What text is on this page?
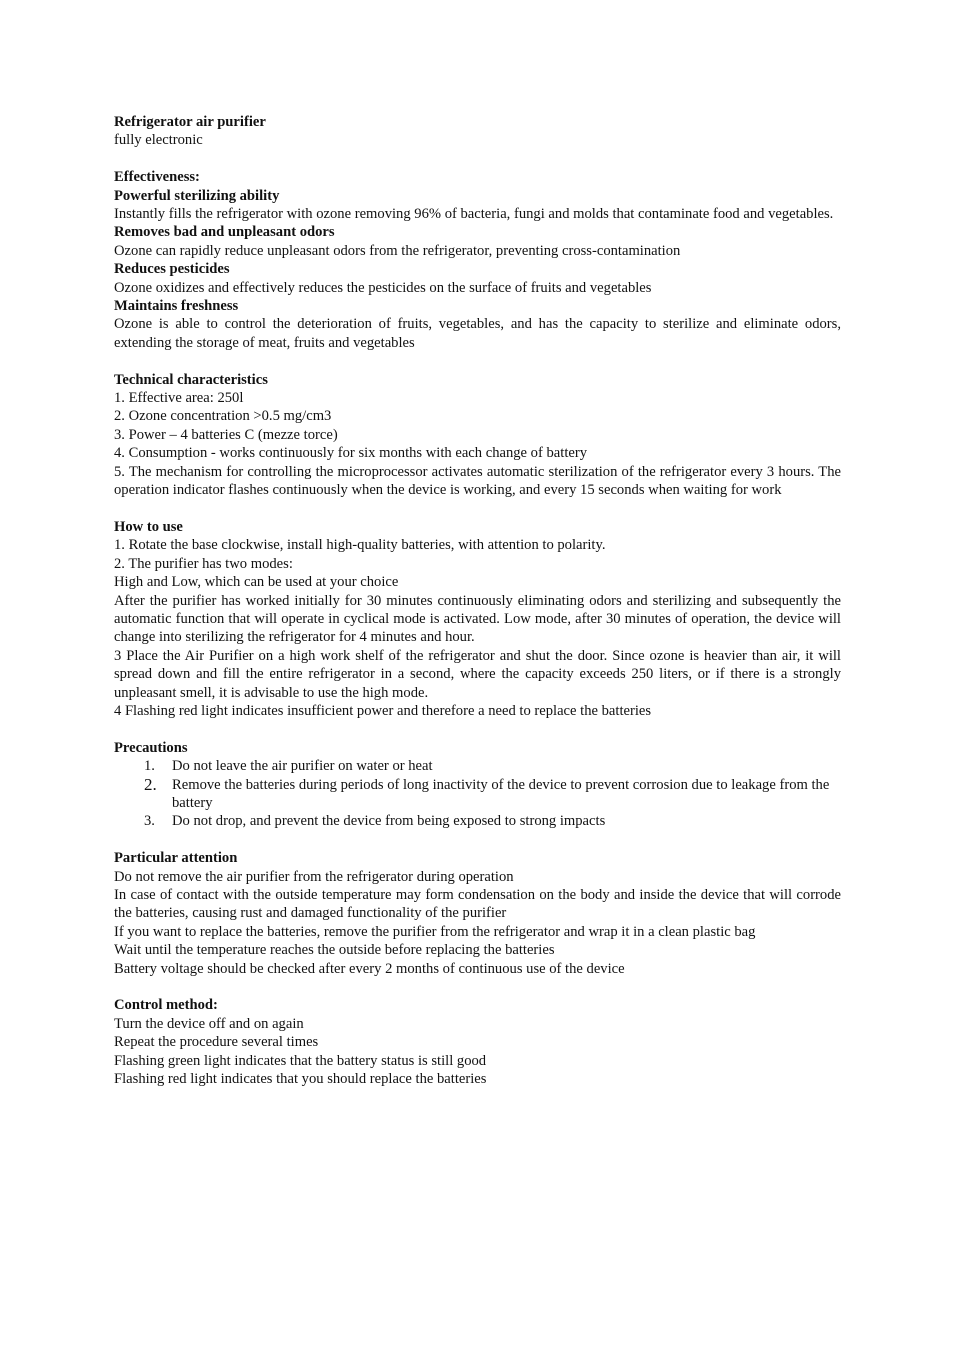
Refrigerator air purifier
fully electronic
Effectiveness:
Powerful sterilizing ability
Instantly fills the refrigerator with ozone removing 96% of bacteria, fungi and molds that contaminate food and vegetables.
Removes bad and unpleasant odors
Ozone can rapidly reduce unpleasant odors from the refrigerator, preventing cross-contamination
Reduces pesticides
Ozone oxidizes and effectively reduces the pesticides on the surface of fruits and vegetables
Maintains freshness
Ozone is able to control the deterioration of fruits, vegetables, and has the capacity to sterilize and eliminate odors, extending the storage of meat, fruits and vegetables
Technical characteristics
1. Effective area: 250l
2. Ozone concentration >0.5 mg/cm3
3. Power – 4 batteries C (mezze torce)
4. Consumption - works continuously for six months with each change of battery
5. The mechanism for controlling the microprocessor activates automatic sterilization of the refrigerator every 3 hours. The operation indicator flashes continuously when the device is working, and every 15 seconds when waiting for work
How to use
1. Rotate the base clockwise, install high-quality batteries, with attention to polarity.
2. The purifier has two modes:
High and Low, which can be used at your choice
After the purifier has worked initially for 30 minutes continuously eliminating odors and sterilizing and subsequently the automatic function that will operate in cyclical mode is activated. Low mode, after 30 minutes of operation, the device will change into sterilizing the refrigerator for 4 minutes and hour.
3 Place the Air Purifier on a high work shelf of the refrigerator and shut the door. Since ozone is heavier than air, it will spread down and fill the entire refrigerator in a second, where the capacity exceeds 250 liters, or if there is a strongly unpleasant smell, it is advisable to use the high mode.
4 Flashing red light indicates insufficient power and therefore a need to replace the batteries
Precautions
1. Do not leave the air purifier on water or heat
2. Remove the batteries during periods of long inactivity of the device to prevent corrosion due to leakage from the battery
3. Do not drop, and prevent the device from being exposed to strong impacts
Particular attention
Do not remove the air purifier from the refrigerator during operation
In case of contact with the outside temperature may form condensation on the body and inside the device that will corrode the batteries, causing rust and damaged functionality of the purifier
If you want to replace the batteries, remove the purifier from the refrigerator and wrap it in a clean plastic bag
Wait until the temperature reaches the outside before replacing the batteries
Battery voltage should be checked after every 2 months of continuous use of the device
Control method:
Turn the device off and on again
Repeat the procedure several times
Flashing green light indicates that the battery status is still good
Flashing red light indicates that you should replace the batteries
